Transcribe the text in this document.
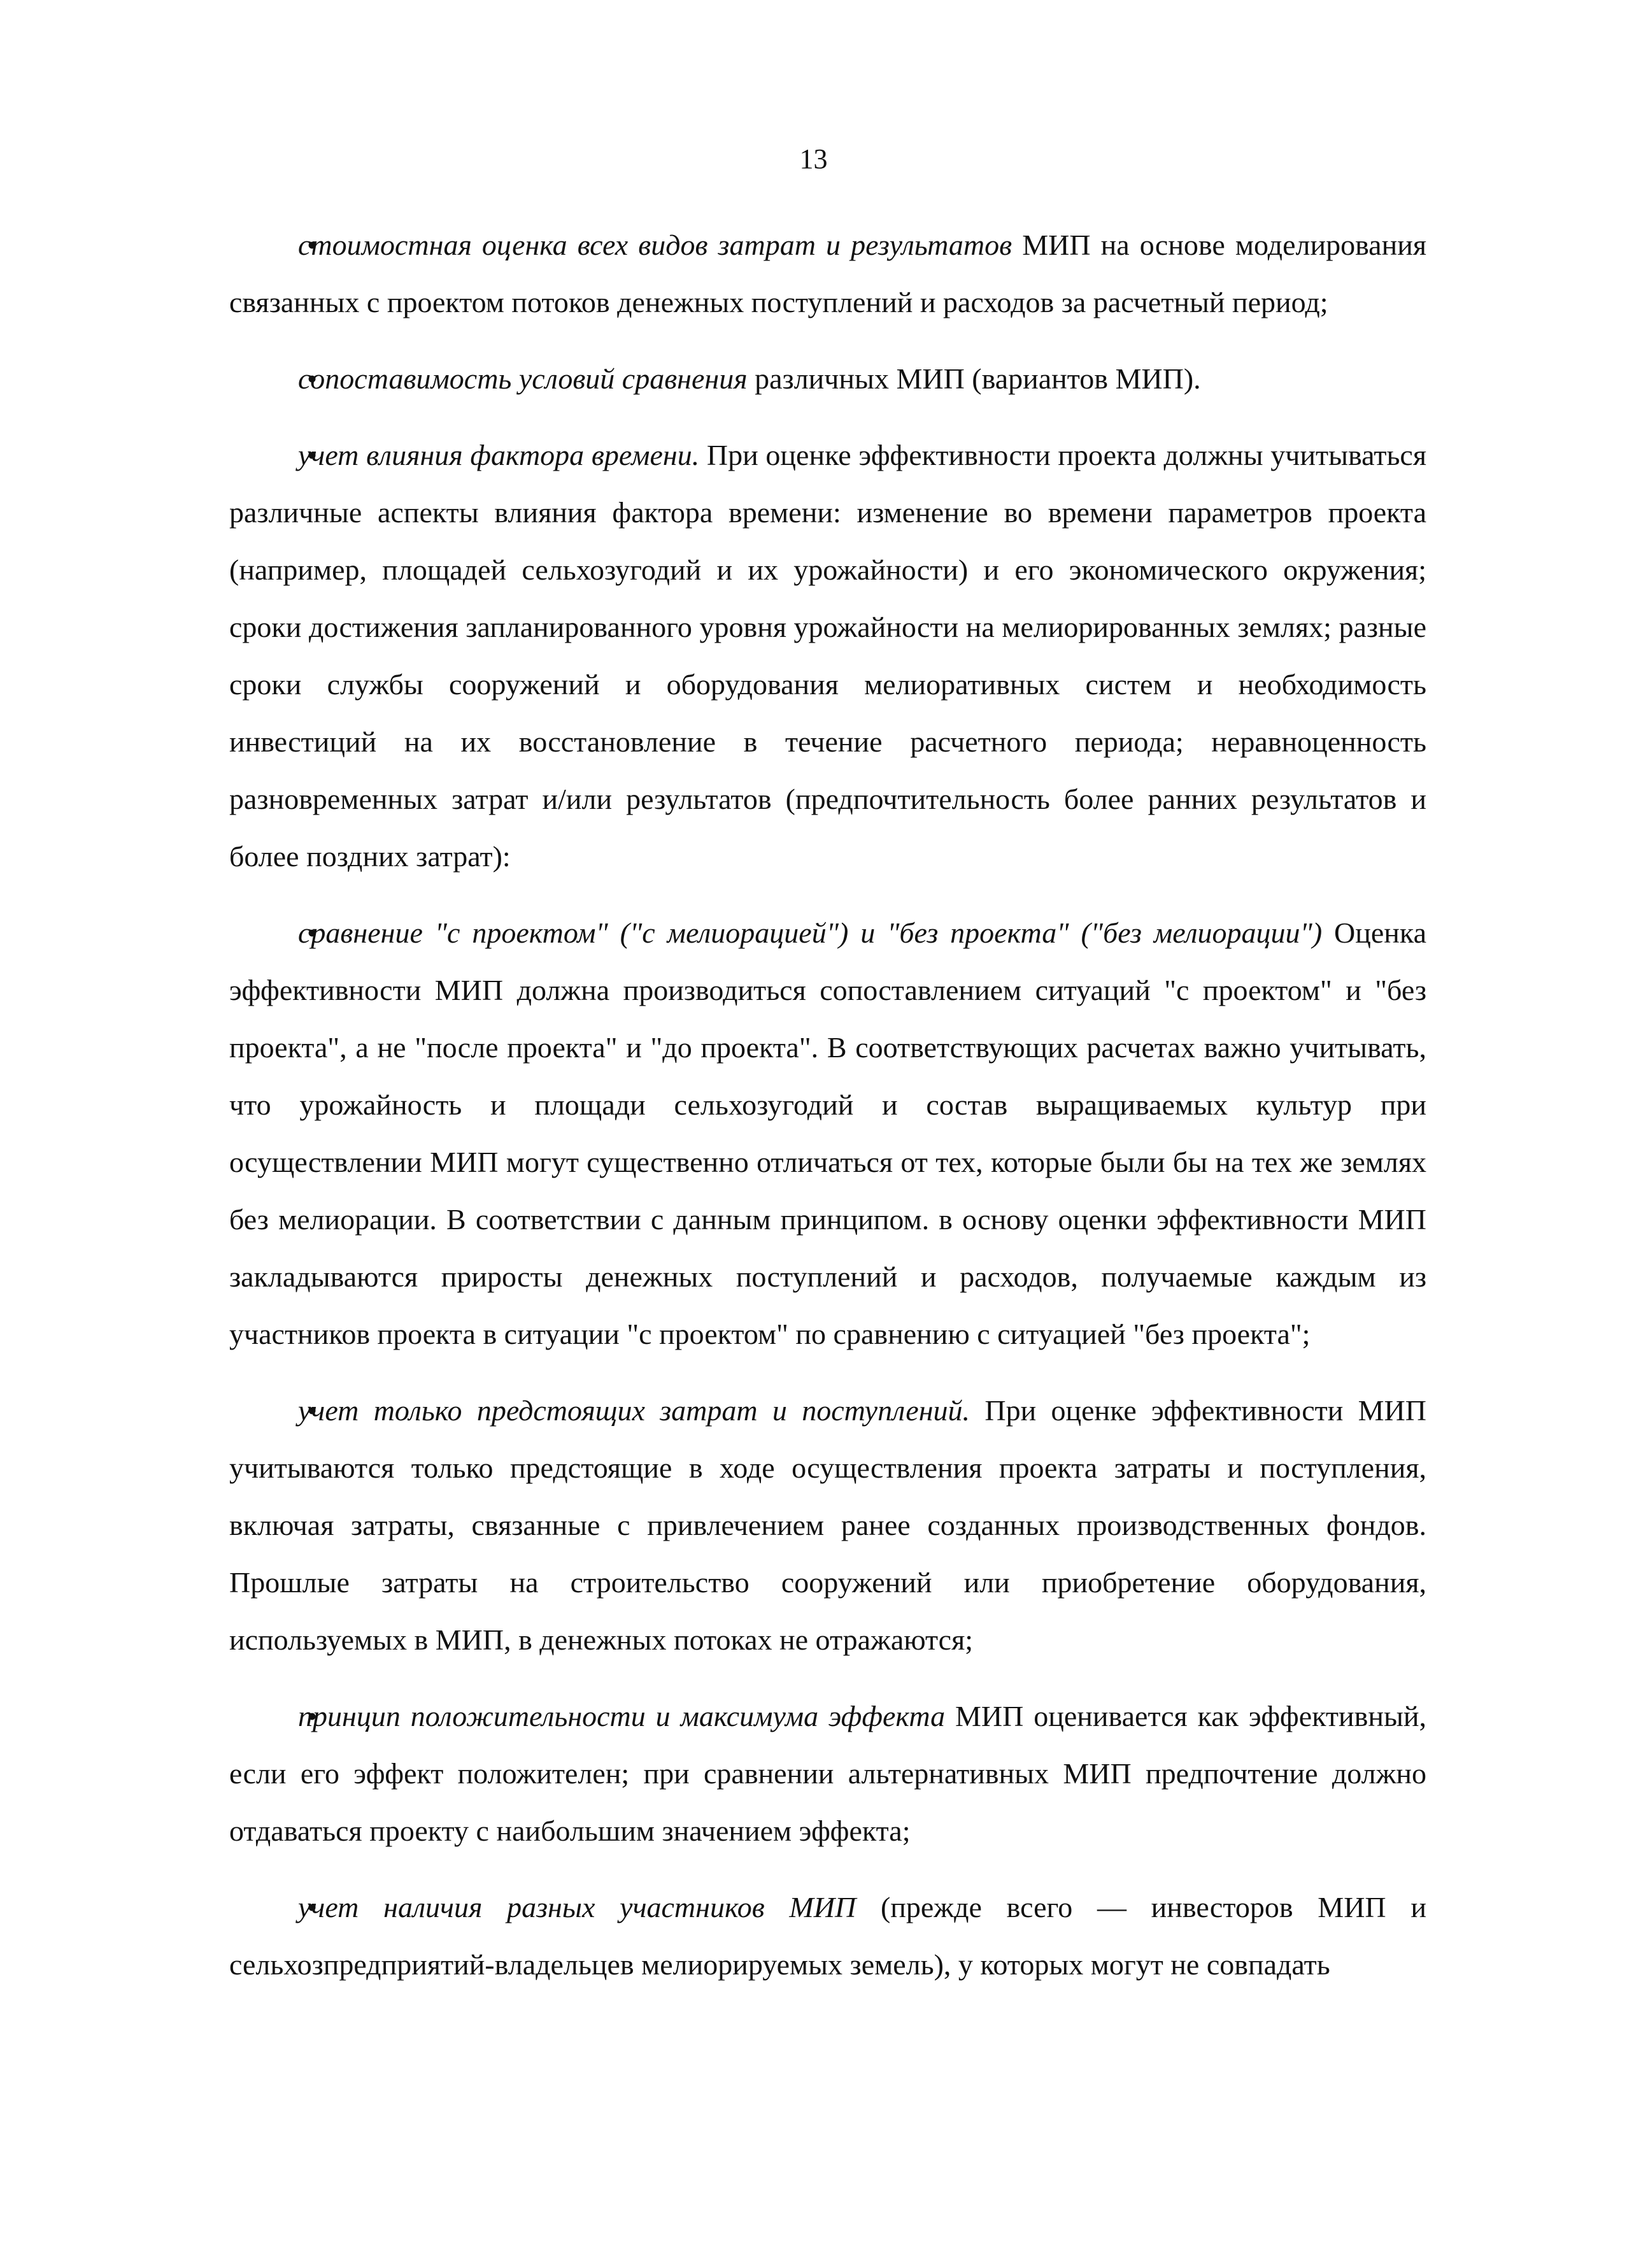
13

• стоимостная оценка всех видов затрат и результатов МИП на основе моделирования связанных с проектом потоков денежных поступлений и расходов за расчетный период;

• сопоставимость условий сравнения различных МИП (вариантов МИП).

• учет влияния фактора времени. При оценке эффективности проекта должны учитываться различные аспекты влияния фактора времени: изменение во времени параметров проекта (например, площадей сельхозугодий и их урожайности) и его экономического окружения; сроки достижения запланированного уровня урожайности на мелиорированных землях; разные сроки службы сооружений и оборудования мелиоративных систем и необходимость инвестиций на их восстановление в течение расчетного периода; неравноценность разновременных затрат и/или результатов (предпочтительность более ранних результатов и более поздних затрат):

• сравнение "с проектом" ("с мелиорацией") и "без проекта" ("без мелиорации") Оценка эффективности МИП должна производиться сопоставлением ситуаций "с проектом" и "без проекта", а не "после проекта" и "до проекта". В соответствующих расчетах важно учитывать, что урожайность и площади сельхозугодий и состав выращиваемых культур при осуществлении МИП могут существенно отличаться от тех, которые были бы на тех же землях без мелиорации. В соответствии с данным принципом. в основу оценки эффективности МИП закладываются приросты денежных поступлений и расходов, получаемые каждым из участников проекта в ситуации "с проектом" по сравнению с ситуацией "без проекта";

• учет только предстоящих затрат и поступлений. При оценке эффективности МИП учитываются только предстоящие в ходе осуществления проекта затраты и поступления, включая затраты, связанные с привлечением ранее созданных производственных фондов. Прошлые затраты на строительство сооружений или приобретение оборудования, используемых в МИП, в денежных потоках не отражаются;

• принцип положительности и максимума эффекта МИП оценивается как эффективный, если его эффект положителен; при сравнении альтернативных МИП предпочтение должно отдаваться проекту с наибольшим значением эффекта;

• учет наличия разных участников МИП (прежде всего — инвесторов МИП и сельхозпредприятий-владельцев мелиорируемых земель), у которых могут не совпадать
